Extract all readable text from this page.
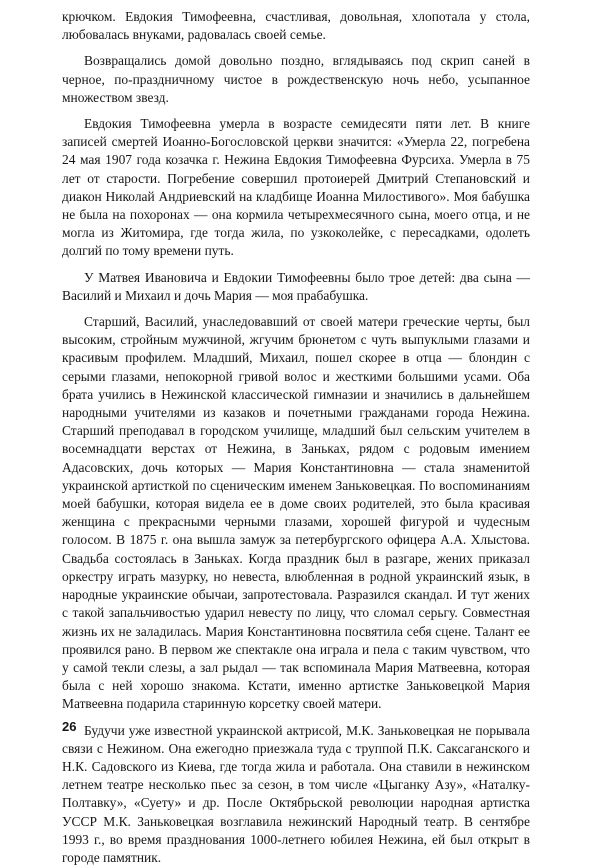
крючком. Евдокия Тимофеевна, счастливая, довольная, хлопотала у стола, любовалась внуками, радовалась своей семье.

Возвращались домой довольно поздно, вглядываясь под скрип саней в черное, по-праздничному чистое в рождественскую ночь небо, усыпанное множеством звезд.

Евдокия Тимофеевна умерла в возрасте семидесяти пяти лет. В книге записей смертей Иоанно-Богословской церкви значится: «Умерла 22, погребена 24 мая 1907 года козачка г. Нежина Евдокия Тимофеевна Фурсиха. Умерла в 75 лет от старости. Погребение совершил протоиерей Дмитрий Степановский и диакон Николай Андриевский на кладбище Иоанна Милостивого». Моя бабушка не была на похоронах — она кормила четырехмесячного сына, моего отца, и не могла из Житомира, где тогда жила, по узкоколейке, с пересадками, одолеть долгий по тому времени путь.

У Матвея Ивановича и Евдокии Тимофеевны было трое детей: два сына — Василий и Михаил и дочь Мария — моя прабабушка.

Старший, Василий, унаследовавший от своей матери греческие черты, был высоким, стройным мужчиной, жгучим брюнетом с чуть выпуклыми глазами и красивым профилем. Младший, Михаил, пошел скорее в отца — блондин с серыми глазами, непокорной гривой волос и жесткими большими усами. Оба брата учились в Нежинской классической гимназии и значились в дальнейшем народными учителями из казаков и почетными гражданами города Нежина. Старший преподавал в городском училище, младший был сельским учителем в восемнадцати верстах от Нежина, в Заньках, рядом с родовым имением Адасовских, дочь которых — Мария Константиновна — стала знаменитой украинской артисткой по сценическим именем Заньковецкая. По воспоминаниям моей бабушки, которая видела ее в доме своих родителей, это была красивая женщина с прекрасными черными глазами, хорошей фигурой и чудесным голосом. В 1875 г. она вышла замуж за петербургского офицера А.А. Хлыстова. Свадьба состоялась в Заньках. Когда праздник был в разгаре, жених приказал оркестру играть мазурку, но невеста, влюбленная в родной украинский язык, в народные украинские обычаи, запротестовала. Разразился скандал. И тут жених с такой запальчивостью ударил невесту по лицу, что сломал серьгу. Совместная жизнь их не заладилась. Мария Константиновна посвятила себя сцене. Талант ее проявился рано. В первом же спектакле она играла и пела с таким чувством, что у самой текли слезы, а зал рыдал — так вспоминала Мария Матвеевна, которая была с ней хорошо знакома. Кстати, именно артистке Заньковецкой Мария Матвеевна подарила старинную корсетку своей матери.

Будучи уже известной украинской актрисой, М.К. Заньковецкая не порывала связи с Нежином. Она ежегодно приезжала туда с труппой П.К. Саксаганского и Н.К. Садовского из Киева, где тогда жила и работала. Она ставили в нежинском летнем театре несколько пьес за сезон, в том числе «Цыганку Азу», «Наталку-Полтавку», «Суету» и др. После Октябрьской революции народная артистка УССР М.К. Заньковецкая возглавила нежинский Народный театр. В сентябре 1993 г., во время празднования 1000-летнего юбилея Нежина, ей был открыт в городе памятник.

26
